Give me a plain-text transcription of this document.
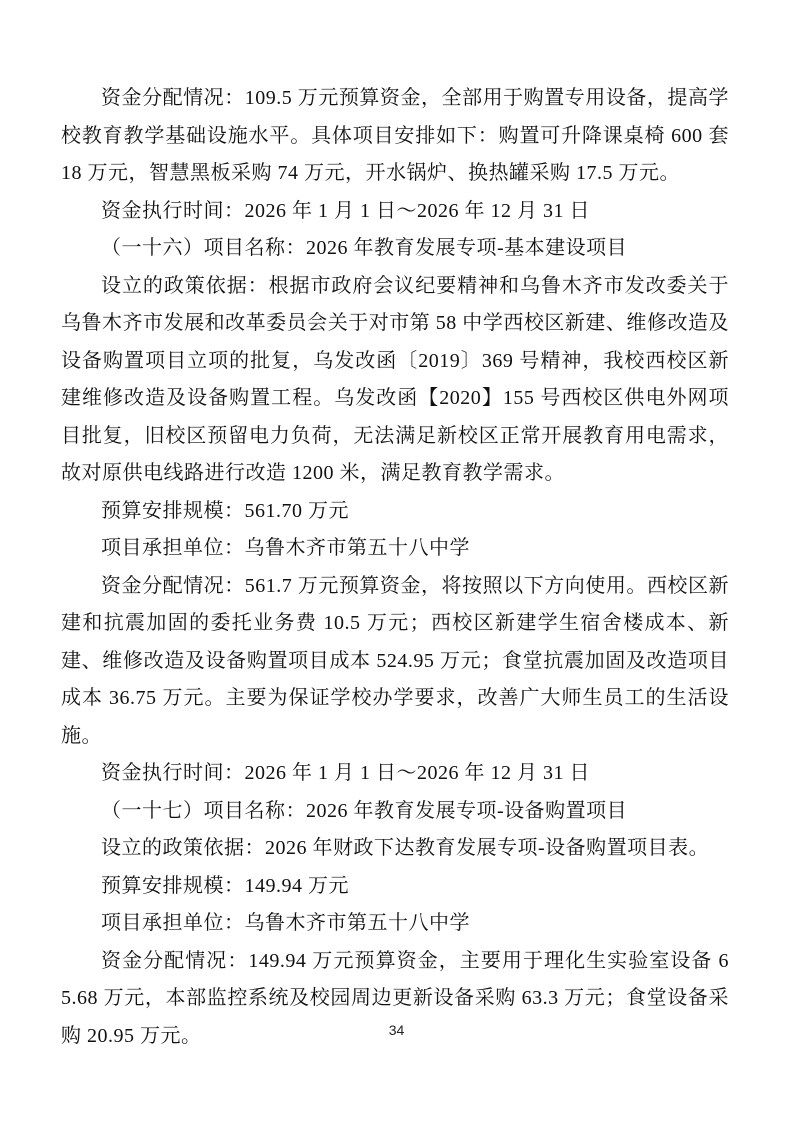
资金分配情况：109.5 万元预算资金，全部用于购置专用设备，提高学校教育教学基础设施水平。具体项目安排如下：购置可升降课桌椅 600 套 18 万元，智慧黑板采购 74 万元，开水锅炉、换热罐采购 17.5 万元。

资金执行时间：2026 年 1 月 1 日～2026 年 12 月 31 日

（一十六）项目名称：2026 年教育发展专项-基本建设项目

设立的政策依据：根据市政府会议纪要精神和乌鲁木齐市发改委关于乌鲁木齐市发展和改革委员会关于对市第 58 中学西校区新建、维修改造及设备购置项目立项的批复，乌发改函〔2019〕369 号精神，我校西校区新建维修改造及设备购置工程。乌发改函【2020】155 号西校区供电外网项目批复，旧校区预留电力负荷，无法满足新校区正常开展教育用电需求，故对原供电线路进行改造 1200 米，满足教育教学需求。

预算安排规模：561.70 万元

项目承担单位：乌鲁木齐市第五十八中学

资金分配情况：561.7 万元预算资金，将按照以下方向使用。西校区新建和抗震加固的委托业务费 10.5 万元；西校区新建学生宿舍楼成本、新建、维修改造及设备购置项目成本 524.95 万元；食堂抗震加固及改造项目成本 36.75 万元。主要为保证学校办学要求，改善广大师生员工的生活设施。

资金执行时间：2026 年 1 月 1 日～2026 年 12 月 31 日

（一十七）项目名称：2026 年教育发展专项-设备购置项目

设立的政策依据：2026 年财政下达教育发展专项-设备购置项目表。

预算安排规模：149.94 万元

项目承担单位：乌鲁木齐市第五十八中学

资金分配情况：149.94 万元预算资金，主要用于理化生实验室设备 65.68 万元，本部监控系统及校园周边更新设备采购 63.3 万元；食堂设备采购 20.95 万元。	34
